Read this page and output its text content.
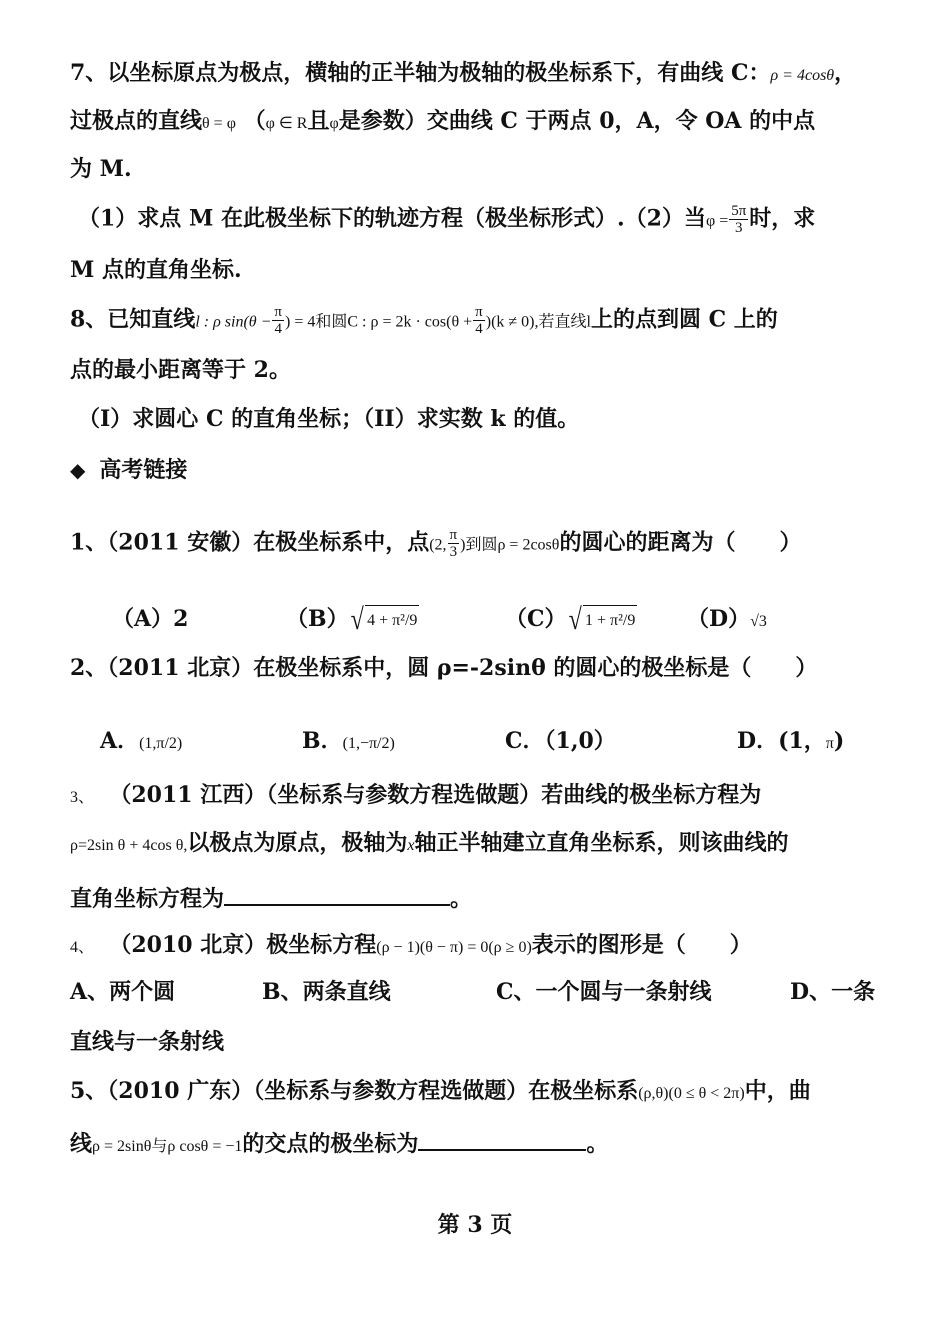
7、以坐标原点为极点，横轴的正半轴为极轴的极坐标系下，有曲线 C：ρ = 4cosθ，
过极点的直线θ = φ （φ ∈ R且φ是参数）交曲线 C 于两点 0，A，令 OA 的中点
为 M.
（1）求点 M 在此极坐标下的轨迹方程（极坐标形式）.（2）当$\varphi = \frac{5\pi}{3}$ 时，求
M 点的直角坐标.
8、已知直线l : ρ $\sin(\theta - \frac{\pi}{4}$ ) = 4和圆C : $\rho = 2k \cdot \cos(\theta + \frac{\pi}{4} )(k \ne 0)$,若直线l上的点到圆 C 上的
点的最小距离等于 2。
（I）求圆心 C 的直角坐标；（II）求实数 k 的值。
◆ 高考链接
1、（2011 安徽）在极坐标系中，点(2, $\frac{\pi}{3}$ )到圆ρ = 2cosθ的圆心的距离为（　　）
（A）2	（B）√ 4 + π²/9	（C）√ 1 + π²/9 （D）√3
2、（2011 北京）在极坐标系中，圆 ρ=-2sinθ 的圆心的极坐标是（　　）
A．(1,π/2)	B．(1,−π/2)	C．（1,0）	D．(1，π)
3、 （2011 江西）（坐标系与参数方程选做题）若曲线的极坐标方程为
ρ=2sin θ + 4cos θ,以极点为原点，极轴为x轴正半轴建立直角坐标系，则该曲线的
直角坐标方程为	。
4、 （2010 北京）极坐标方程(ρ − 1)(θ − π) = 0(ρ ≥ 0)表示的图形是（　　）
A、两个圆	B、两条直线	C、一个圆与一条射线	D、一条
直线与一条射线
5、（2010 广东）（坐标系与参数方程选做题）在极坐标系(ρ,θ)(0 ≤ θ < 2π)中，曲
线ρ = 2sinθ与ρ cosθ = −1的交点的极坐标为	。
第 3 页
